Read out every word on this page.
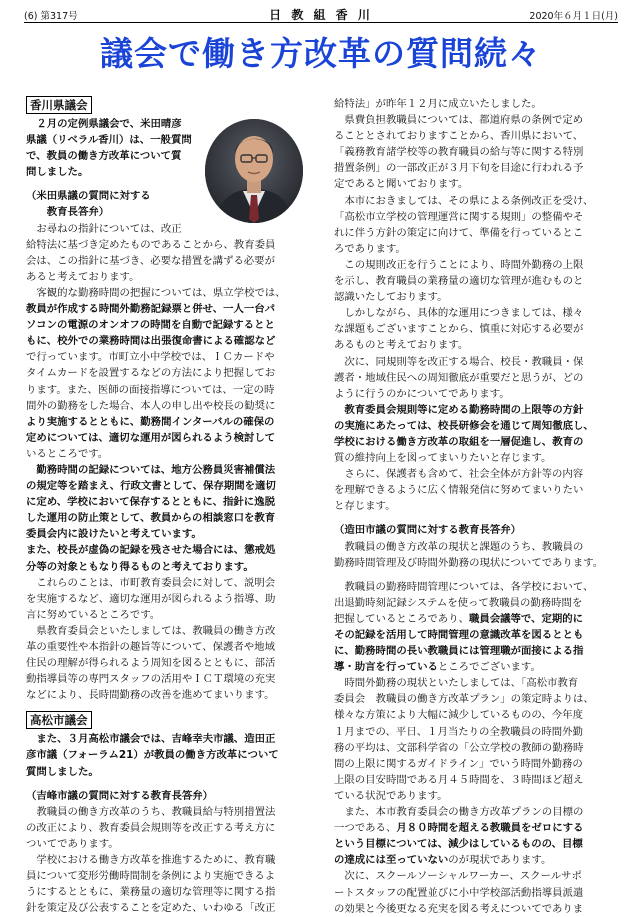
(6) 第317号	日 教 組 香 川	2020年６月１日(月)
議会で働き方改革の質問続々
香川県議会

　２月の定例県議会で、米田晴彦

県議（リベラル香川）は、一般質問

で、教員の働き方改革について質

問しました。

（米田県議の質問に対する

　　教育長答弁）

　お尋ねの指針については、改正

給特法に基づき定めたものであることから、教育委員

会は、この指針に基づき、必要な措置を講ずる必要が

あると考えております。

　客観的な勤務時間の把握については、県立学校では、

教員が作成する時間外勤務記録票と併せ、一人一台パ

ソコンの電源のオンオフの時間を自動で記録するとと

もに、校外での業務時間は出張復命書による確認など

で行っています。市町立小中学校では、ＩＣカードや

タイムカードを設置するなどの方法により把握してお

ります。また、医師の面接指導については、一定の時

間外の勤務をした場合、本人の申し出や校長の勧奨に

より実施するとともに、勤務間インターバルの確保の

定めについては、適切な運用が図られるよう検討して

いるところです。

　勤務時間の記録については、地方公務員災害補償法

の規定等を踏まえ、行政文書として、保存期間を適切

に定め、学校において保存するとともに、指針に逸脱

した運用の防止策として、教員からの相談窓口を教育

委員会内に設けたいと考えています。

また、校長が虚偽の記録を残させた場合には、懲戒処

分等の対象ともなり得るものと考えております。

　これらのことは、市町教育委員会に対して、説明会

を実施するなど、適切な運用が図られるよう指導、助

言に努めているところです。

　県教育委員会といたしましては、教職員の働き方改

革の重要性や本指針の趣旨等について、保護者や地域

住民の理解が得られるよう周知を図るとともに、部活

動指導員等の専門スタッフの活用やＩＣＴ環境の充実

などにより、長時間勤務の改善を進めてまいります。

高松市議会

　また、３月高松市議会では、吉峰幸夫市議、造田正

彦市議（フォーラム21）が教員の働き方改革について

質問しました。

（吉峰市議の質問に対する教育長答弁）

　教職員の働き方改革のうち、教職員給与特別措置法

の改正により、教育委員会規則等を改正する考え方に

ついてであります。

　学校における働き方改革を推進するために、教育職

員について変形労働時間制を条例により実施できるよ

うにするとともに、業務量の適切な管理等に関する指

針を策定及び公表することを定めた、いわゆる「改正

給特法」が昨年１２月に成立いたしました。

　県費負担教職員については、都道府県の条例で定め

ることとされておりますことから、香川県において、

「義務教育諸学校等の教育職員の給与等に関する特別

措置条例」の一部改正が３月下旬を目途に行われる予

定であると聞いております。

　本市におきましては、その県による条例改正を受け、

「高松市立学校の管理運営に関する規則」の整備やそ

れに伴う方針の策定に向けて、準備を行っているとこ

ろであります。

　この規則改正を行うことにより、時間外勤務の上限

を示し、教育職員の業務量の適切な管理が進むものと

認識いたしております。

　しかしながら、具体的な運用につきましては、様々

な課題もございますことから、慎重に対応する必要が

あるものと考えております。

　次に、同規則等を改正する場合、校長・教職員・保

護者・地域住民への周知徹底が重要だと思うが、どの

ように行うのかについてであります。

　教育委員会規則等に定める勤務時間の上限等の方針

の実施にあたっては、校長研修会を通じて周知徹底し、

学校における働き方改革の取組を一層促進し、教育の

質の維持向上を図ってまいりたいと存じます。

　さらに、保護者も含めて、社会全体が方針等の内容

を理解できるように広く情報発信に努めてまいりたい

と存じます。

（造田市議の質問に対する教育長答弁）

　教職員の働き方改革の現状と課題のうち、教職員の

勤務時間管理及び時間外勤務の現状についてであります。

　教職員の勤務時間管理については、各学校において、

出退勤時刻記録システムを使って教職員の勤務時間を

把握しているところであり、職員会議等で、定期的に

その記録を活用して時間管理の意識改革を図るととも

に、勤務時間の長い教職員には管理職が面接による指

導・助言を行っているところでございます。

　時間外勤務の現状といたしましては、「高松市教育

委員会　教職員の働き方改革プラン」の策定時よりは、

様々な方策により大幅に減少しているものの、今年度

１月までの、平日、１月当たりの全教職員の時間外勤

務の平均は、文部科学省の「公立学校の教師の勤務時

間の上限に関するガイドライン」でいう時間外勤務の

上限の目安時間である月４５時間を、３時間ほど超え

ている状況であります。

　また、本市教育委員会の働き方改革プランの目標の

一つである、月８０時間を超える教職員をゼロにする

という目標については、減少はしているものの、目標

の達成には至っていないのが現状であります。

　次に、スクールソーシャルワーカー、スクールサポ

ートスタッフの配置並びに小中学校部活動指導員派遣

の効果と今後更なる充実を図る考えについてでありま
